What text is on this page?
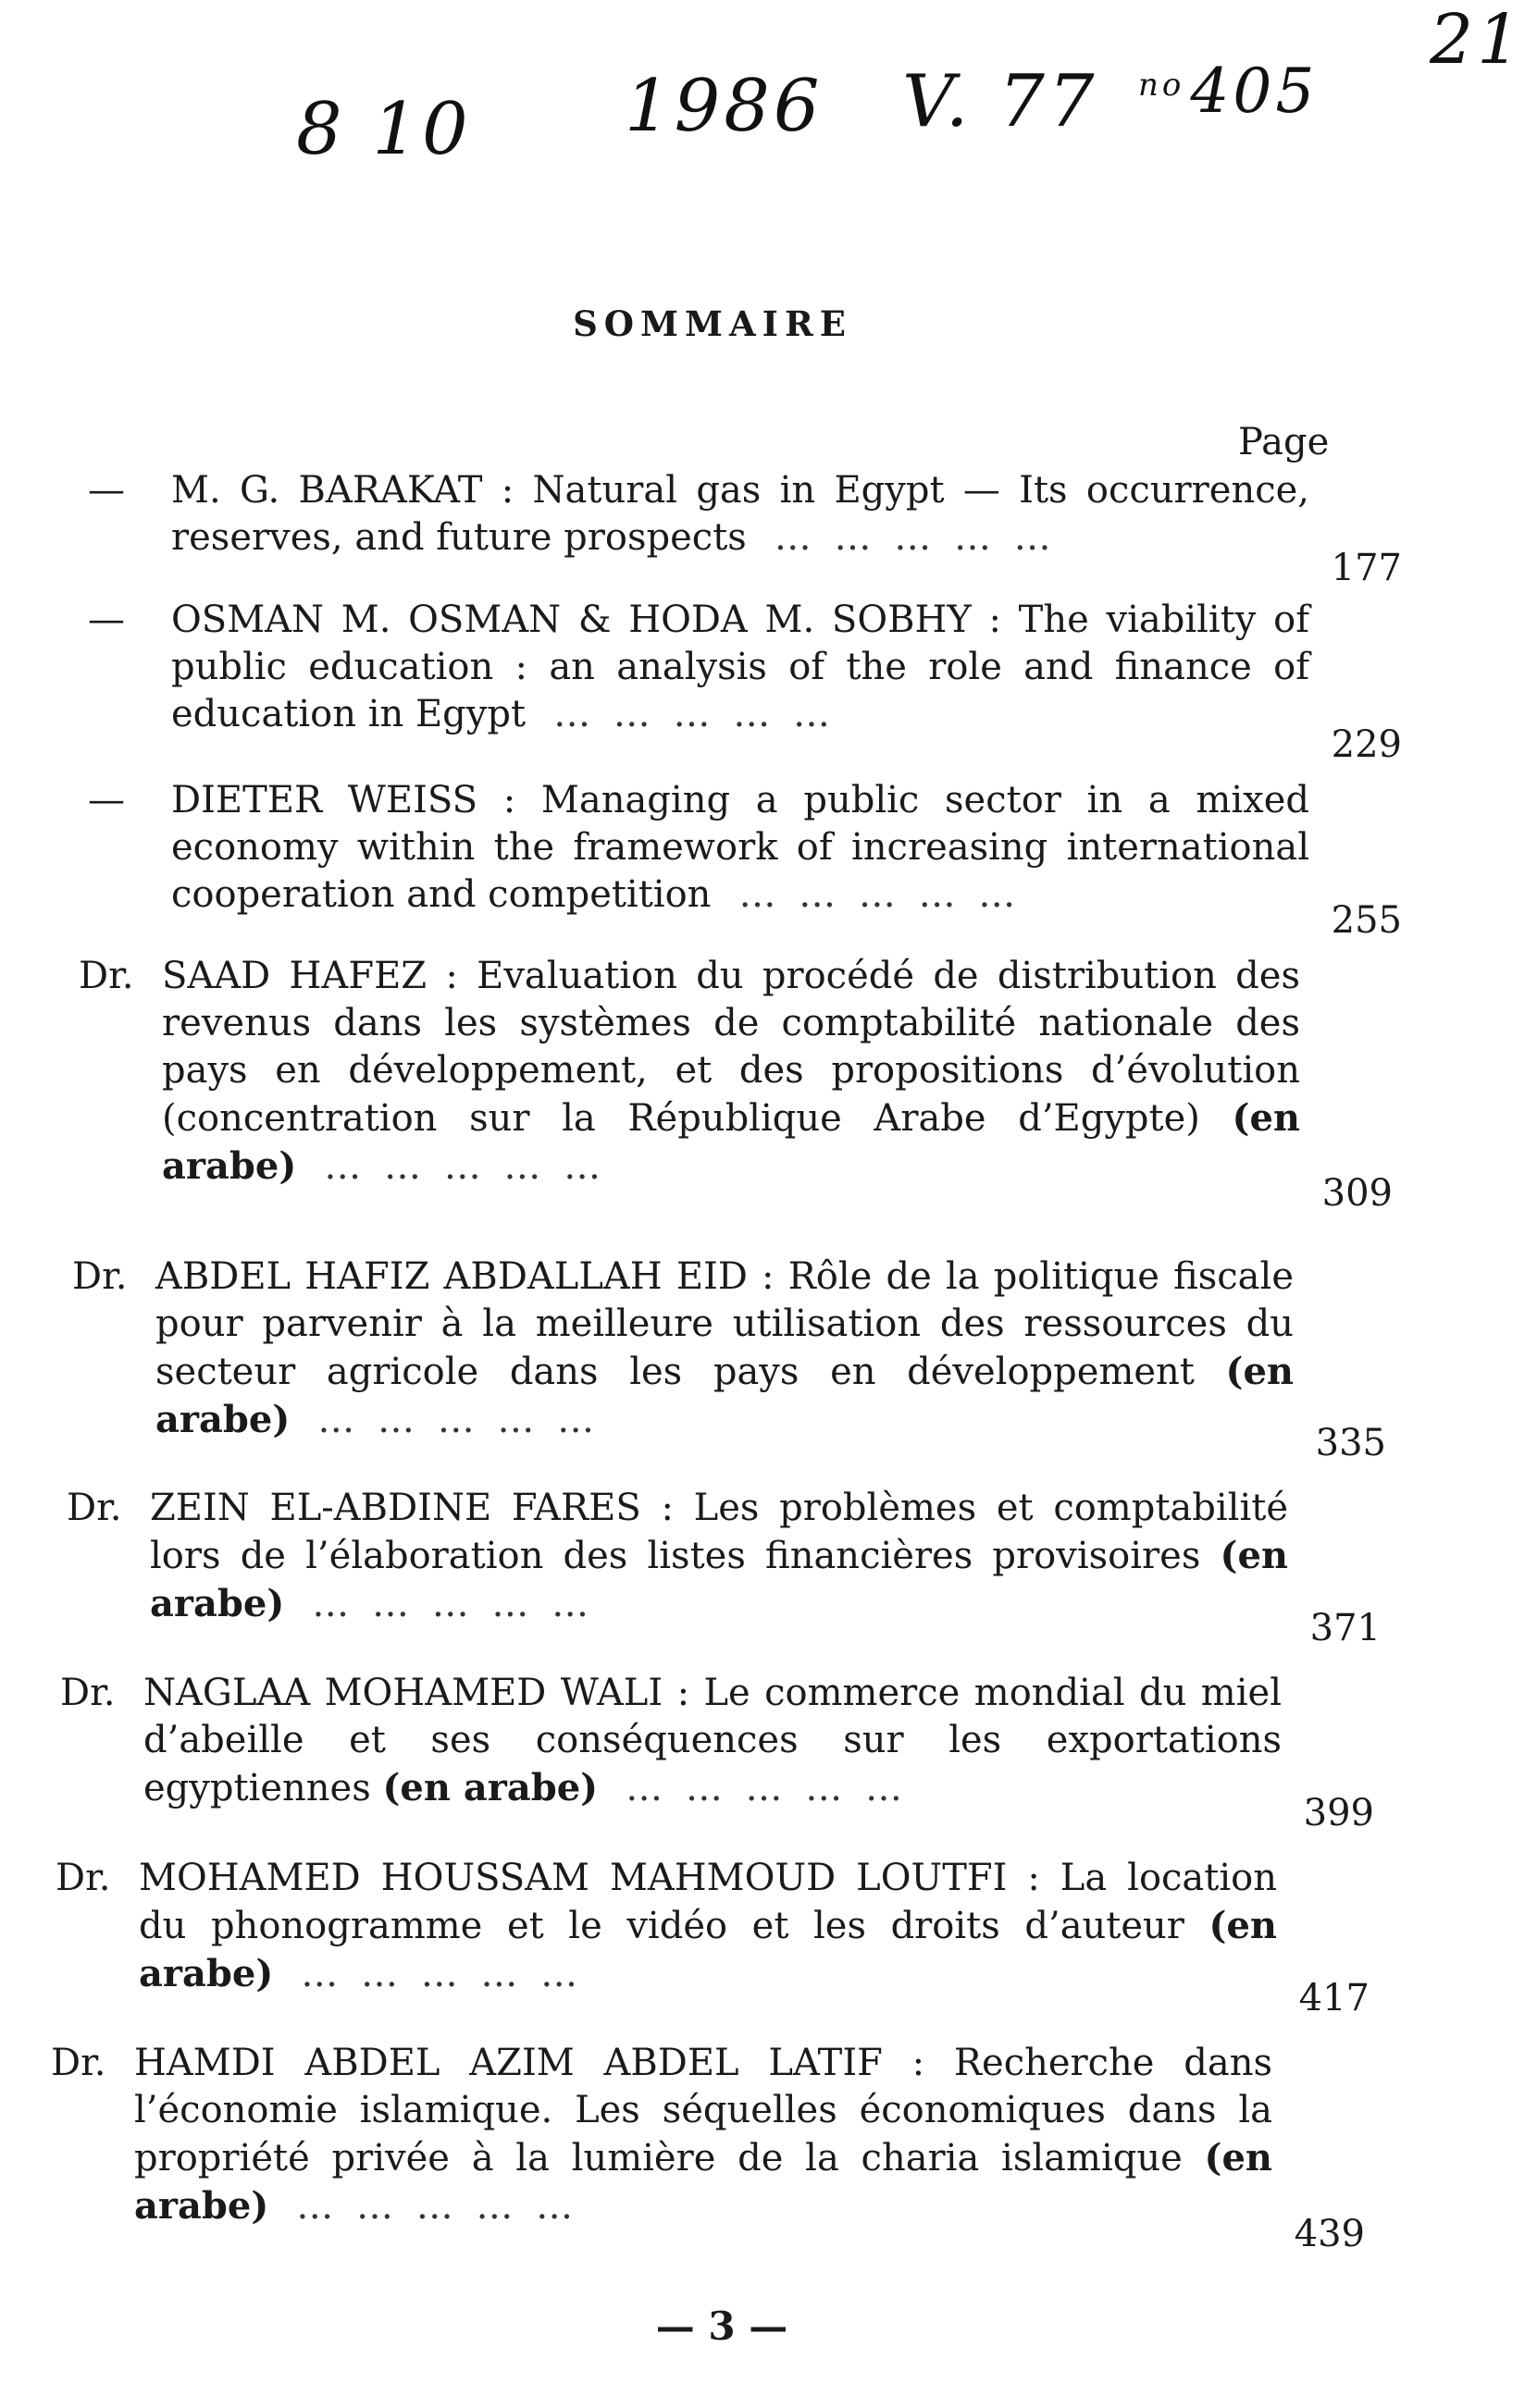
8 10 1986 V. 77 $^{no}$405
21
SOMMAIRE
Page
—	M. G. BARAKAT : Natural gas in Egypt — Its occurrence, reserves, and future prospects … … … … …
177
—	OSMAN M. OSMAN & HODA M. SOBHY : The viability of public education : an analysis of the role and finance of education in Egypt … … … … …
229
—	DIETER WEISS : Managing a public sector in a mixed economy within the framework of increasing international cooperation and competition … … … … …
255
Dr. SAAD HAFEZ : Evaluation du procédé de distribution des revenus dans les systèmes de comptabilité nationale des pays en développement, et des propositions d’évolution (concentration sur la République Arabe d’Egypte) (en arabe) … … … … …
309
Dr. ABDEL HAFIZ ABDALLAH EID : Rôle de la politique fiscale pour parvenir à la meilleure utilisation des ressources du secteur agricole dans les pays en développement (en arabe) … … … … …
335
Dr. ZEIN EL-ABDINE FARES : Les problèmes et comptabilité lors de l’élaboration des listes financières provisoires (en arabe) … … … … …
371
Dr. NAGLAA MOHAMED WALI : Le commerce mondial du miel d’abeille et ses conséquences sur les exportations egyptiennes (en arabe) … … … … …
399
Dr. MOHAMED HOUSSAM MAHMOUD LOUTFI : La location du phonogramme et le vidéo et les droits d’auteur (en arabe) … … … … …
417
Dr. HAMDI ABDEL AZIM ABDEL LATIF : Recherche dans l’économie islamique. Les séquelles économiques dans la propriété privée à la lumière de la charia islamique (en arabe) … … … … …
439
— 3 —
